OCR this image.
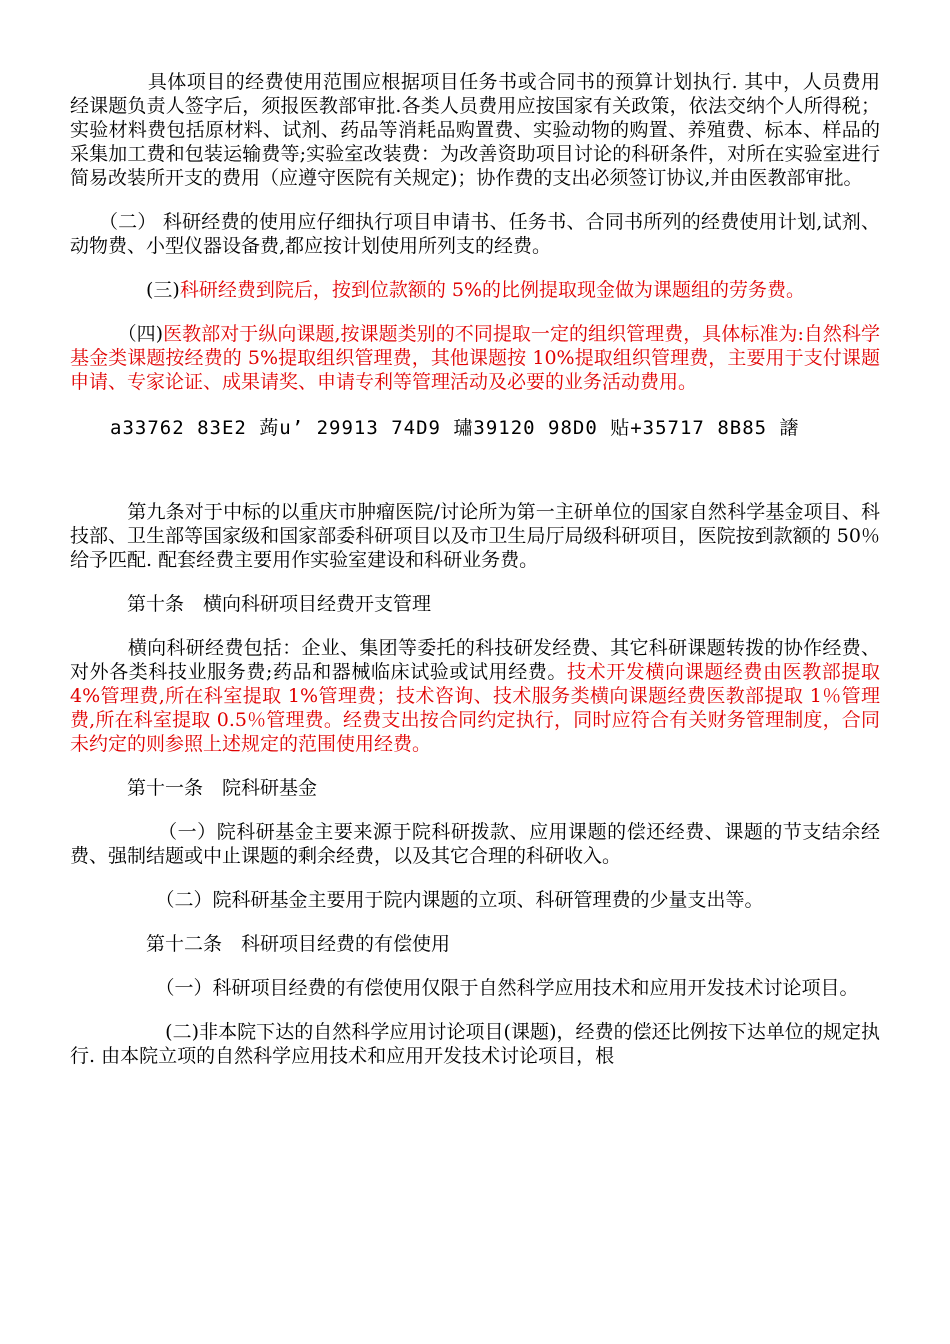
　　　　具体项目的经费使用范围应根据项目任务书或合同书的预算计划执行. 其中，人员费用经课题负责人签字后，须报医教部审批.各类人员费用应按国家有关政策，依法交纳个人所得税；实验材料费包括原材料、试剂、药品等消耗品购置费、实验动物的购置、养殖费、标本、样品的采集加工费和包装运输费等;实验室改装费：为改善资助项目讨论的科研条件，对所在实验室进行简易改装所开支的费用（应遵守医院有关规定)；协作费的支出必须签订协议,并由医教部审批。

　　（二） 科研经费的使用应仔细执行项目申请书、任务书、合同书所列的经费使用计划,试剂、动物费、小型仪器设备费,都应按计划使用所列支的经费。

　　　　(三)科研经费到院后，按到位款额的 5%的比例提取现金做为课题组的劳务费。

　　　（四)医教部对于纵向课题,按课题类别的不同提取一定的组织管理费，具体标准为:自然科学基金类课题按经费的 5%提取组织管理费，其他课题按 10%提取组织管理费，主要用于支付课题申请、专家论证、成果请奖、申请专利等管理活动及必要的业务活动费用。

　　a33762 83E2 蒟u’ 29913 74D9 璛39120 98D0 贴+35717 8B85 譇

　　　第九条对于中标的以重庆市肿瘤医院/讨论所为第一主研单位的国家自然科学基金项目、科技部、卫生部等国家级和国家部委科研项目以及市卫生局厅局级科研项目，医院按到款额的 50％给予匹配. 配套经费主要用作实验室建设和科研业务费。

　　　第十条　横向科研项目经费开支管理

　　　横向科研经费包括：企业、集团等委托的科技研发经费、其它科研课题转拨的协作经费、对外各类科技业服务费;药品和器械临床试验或试用经费。技术开发横向课题经费由医教部提取 4%管理费,所在科室提取 1%管理费；技术咨询、技术服务类横向课题经费医教部提取 1％管理费,所在科室提取 0.5％管理费。经费支出按合同约定执行，同时应符合有关财务管理制度，合同未约定的则参照上述规定的范围使用经费。

　　　第十一条　院科研基金

　　　　　（一）院科研基金主要来源于院科研拨款、应用课题的偿还经费、课题的节支结余经费、强制结题或中止课题的剩余经费，以及其它合理的科研收入。

　　　　　（二）院科研基金主要用于院内课题的立项、科研管理费的少量支出等。

　　　　第十二条　科研项目经费的有偿使用

　　　　　（一）科研项目经费的有偿使用仅限于自然科学应用技术和应用开发技术讨论项目。

　　　　　(二)非本院下达的自然科学应用讨论项目(课题)，经费的偿还比例按下达单位的规定执行. 由本院立项的自然科学应用技术和应用开发技术讨论项目，根
